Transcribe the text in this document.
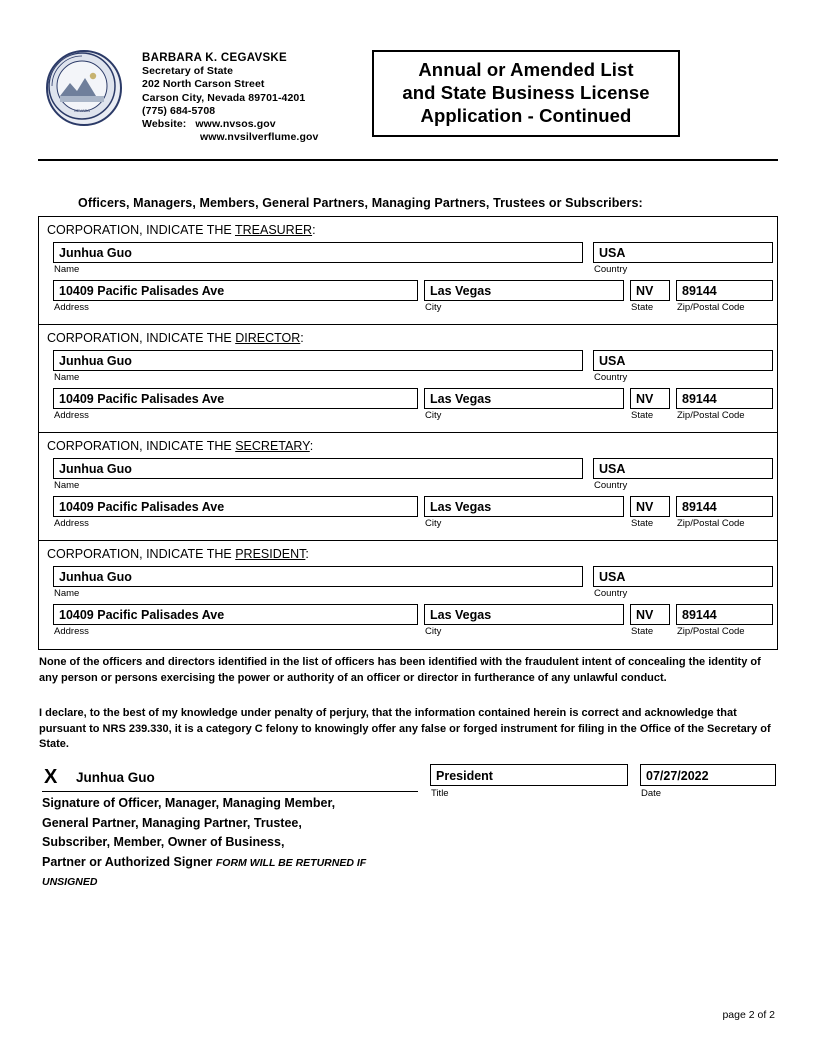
NEVADA
BARBARA K. CEGAVSKE
Secretary of State
202 North Carson Street
Carson City, Nevada 89701-4201
(775) 684-5708
Website: www.nvsos.gov
www.nvsilverflume.gov
Annual or Amended List
and State Business License
Application - Continued
Officers, Managers, Members, General Partners, Managing Partners, Trustees or Subscribers:
CORPORATION, INDICATE THE TREASURER:
Junhua Guo
Name
USA
Country
10409 Pacific Palisades Ave
Address
Las Vegas
City
NV
State
89144
Zip/Postal Code
CORPORATION, INDICATE THE DIRECTOR:
Junhua Guo
Name
USA
Country
10409 Pacific Palisades Ave
Address
Las Vegas
City
NV
State
89144
Zip/Postal Code
CORPORATION, INDICATE THE SECRETARY:
Junhua Guo
Name
USA
Country
10409 Pacific Palisades Ave
Address
Las Vegas
City
NV
State
89144
Zip/Postal Code
CORPORATION, INDICATE THE PRESIDENT:
Junhua Guo
Name
USA
Country
10409 Pacific Palisades Ave
Address
Las Vegas
City
NV
State
89144
Zip/Postal Code
None of the officers and directors identified in the list of officers has been identified with the fraudulent intent of concealing the identity of any person or persons exercising the power or authority of an officer or director in furtherance of any unlawful conduct.
I declare, to the best of my knowledge under penalty of perjury, that the information contained herein is correct and acknowledge that pursuant to NRS 239.330, it is a category C felony to knowingly offer any false or forged instrument for filing in the Office of the Secretary of State.
X Junhua Guo
Signature of Officer, Manager, Managing Member,
General Partner, Managing Partner, Trustee,
Subscriber, Member, Owner of Business,
Partner or Authorized Signer FORM WILL BE RETURNED IF
UNSIGNED
President
Title
07/27/2022
Date
page 2 of 2
